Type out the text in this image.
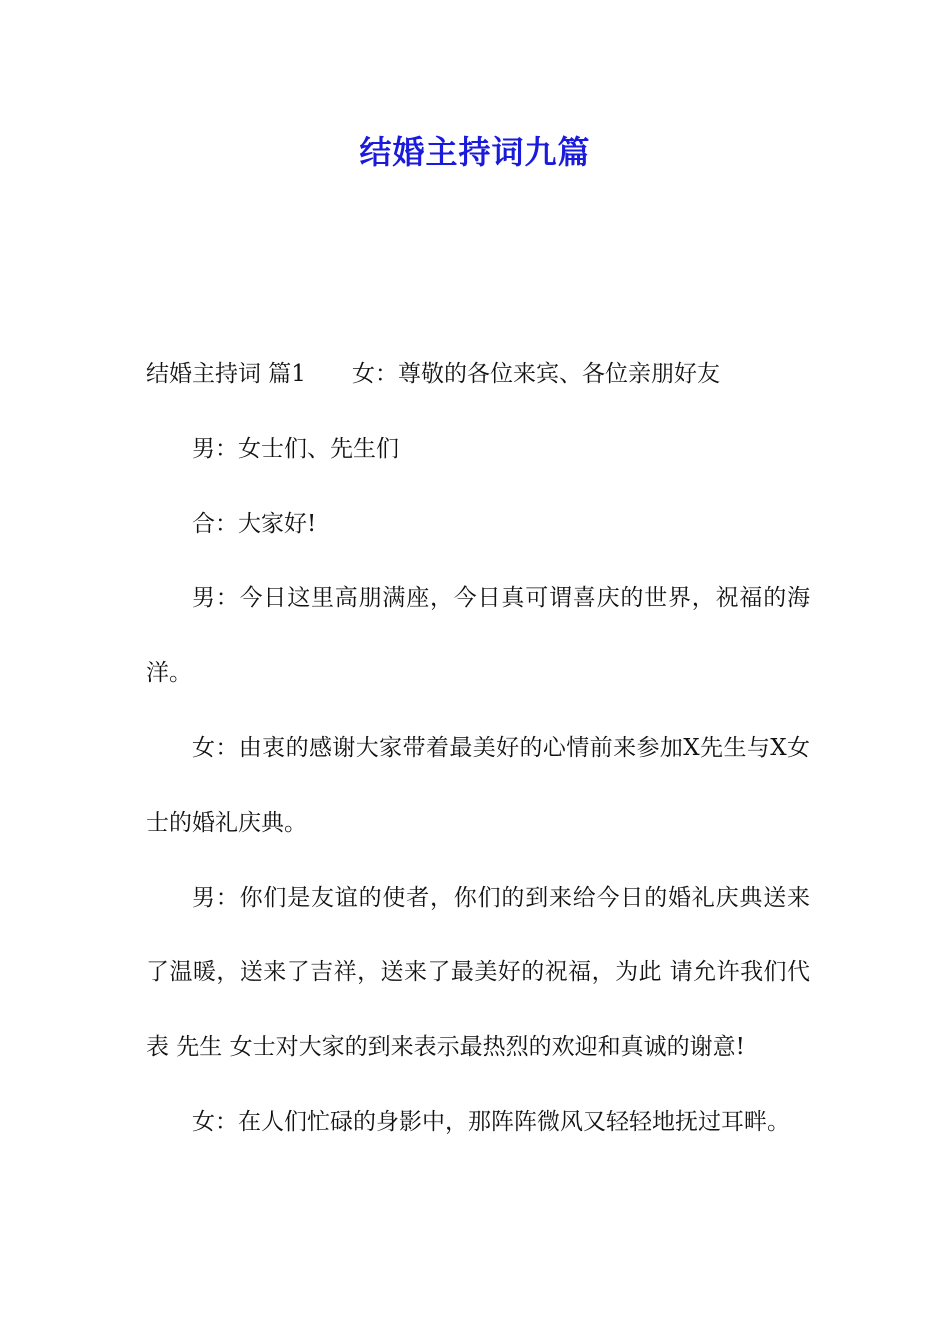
结婚主持词九篇

结婚主持词 篇1 女：尊敬的各位来宾、各位亲朋好友

男：女士们、先生们

合：大家好!

男：今日这里高朋满座，今日真可谓喜庆的世界，祝福的海洋。

女：由衷的感谢大家带着最美好的心情前来参加X先生与X女士的婚礼庆典。

男：你们是友谊的使者，你们的到来给今日的婚礼庆典送来了温暖，送来了吉祥，送来了最美好的祝福，为此 请允许我们代表 先生 女士对大家的到来表示最热烈的欢迎和真诚的谢意!

女：在人们忙碌的身影中，那阵阵微风又轻轻地抚过耳畔。
